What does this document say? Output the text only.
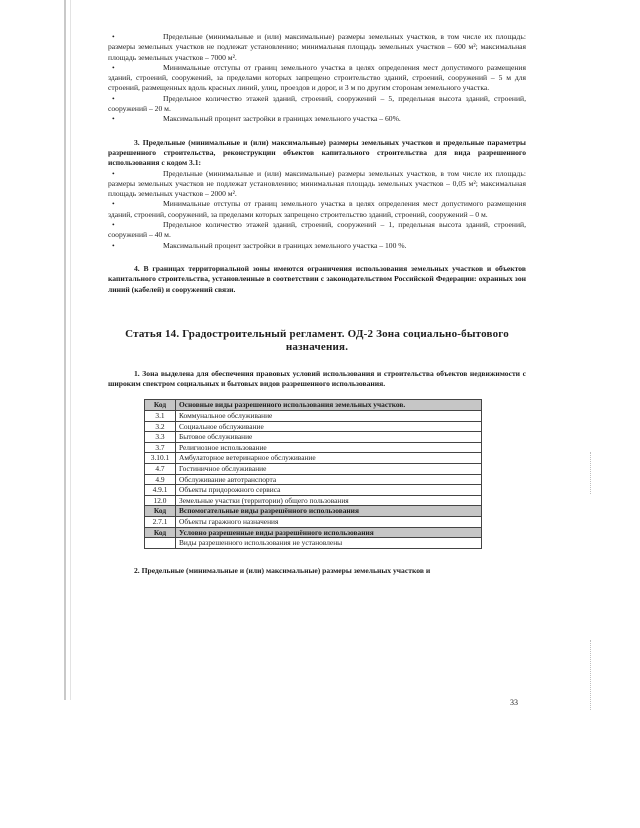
•	Предельные (минимальные и (или) максимальные) размеры земельных участков, в том числе их площадь: размеры земельных участков не подлежат установлению; минимальная площадь земельных участков – 600 м²; максимальная площадь земельных участков – 7000 м².

•	Минимальные отступы от границ земельного участка в целях определения мест допустимого размещения зданий, строений, сооружений, за пределами которых запрещено строительство зданий, строений, сооружений – 5 м для строений, размещенных вдоль красных линий, улиц, проездов и дорог, и 3 м по другим сторонам земельного участка.

•	Предельное количество этажей зданий, строений, сооружений – 5, предельная высота зданий, строений, сооружений – 20 м.

•	Максимальный процент застройки в границах земельного участка – 60%.

3. Предельные (минимальные и (или) максимальные) размеры земельных участков и предельные параметры разрешенного строительства, реконструкции объектов капитального строительства для вида разрешенного использования с кодом 3.1:

•	Предельные (минимальные и (или) максимальные) размеры земельных участков, в том числе их площадь: размеры земельных участков не подлежат установлению; минимальная площадь земельных участков – 0,05 м²; максимальная площадь земельных участков – 2000 м².

•	Минимальные отступы от границ земельного участка в целях определения мест допустимого размещения зданий, строений, сооружений, за пределами которых запрещено строительство зданий, строений, сооружений – 0 м.

•	Предельное количество этажей зданий, строений, сооружений – 1, предельная высота зданий, строений, сооружений – 40 м.

•	Максимальный процент застройки в границах земельного участка – 100 %.

4. В границах территориальной зоны имеются ограничения использования земельных участков и объектов капитального строительства, установленные в соответствии с законодательством Российской Федерации: охранных зон линий (кабелей) и сооружений связи.

Статья 14. Градостроительный регламент. ОД-2 Зона социально-бытового
назначения.

1. Зона выделена для обеспечения правовых условий использования и строительства объектов недвижимости с широким спектром социальных и бытовых видов разрешенного использования.

Код	Основные виды разрешенного использования земельных участков.
3.1	Коммунальное обслуживание
3.2	Социальное обслуживание
3.3	Бытовое обслуживание
3.7	Религиозное использование
3.10.1	Амбулаторное ветеринарное обслуживание
4.7	Гостиничное обслуживание
4.9	Обслуживание автотранспорта
4.9.1	Объекты придорожного сервиса
12.0	Земельные участки (территории) общего пользования
Код	Вспомогательные виды разрешённого использования
2.7.1	Объекты гаражного назначения
Код	Условно разрешенные виды разрешённого использования
	Виды разрешенного использования не установлены

2. Предельные (минимальные и (или) максимальные) размеры земельных участков и

33
